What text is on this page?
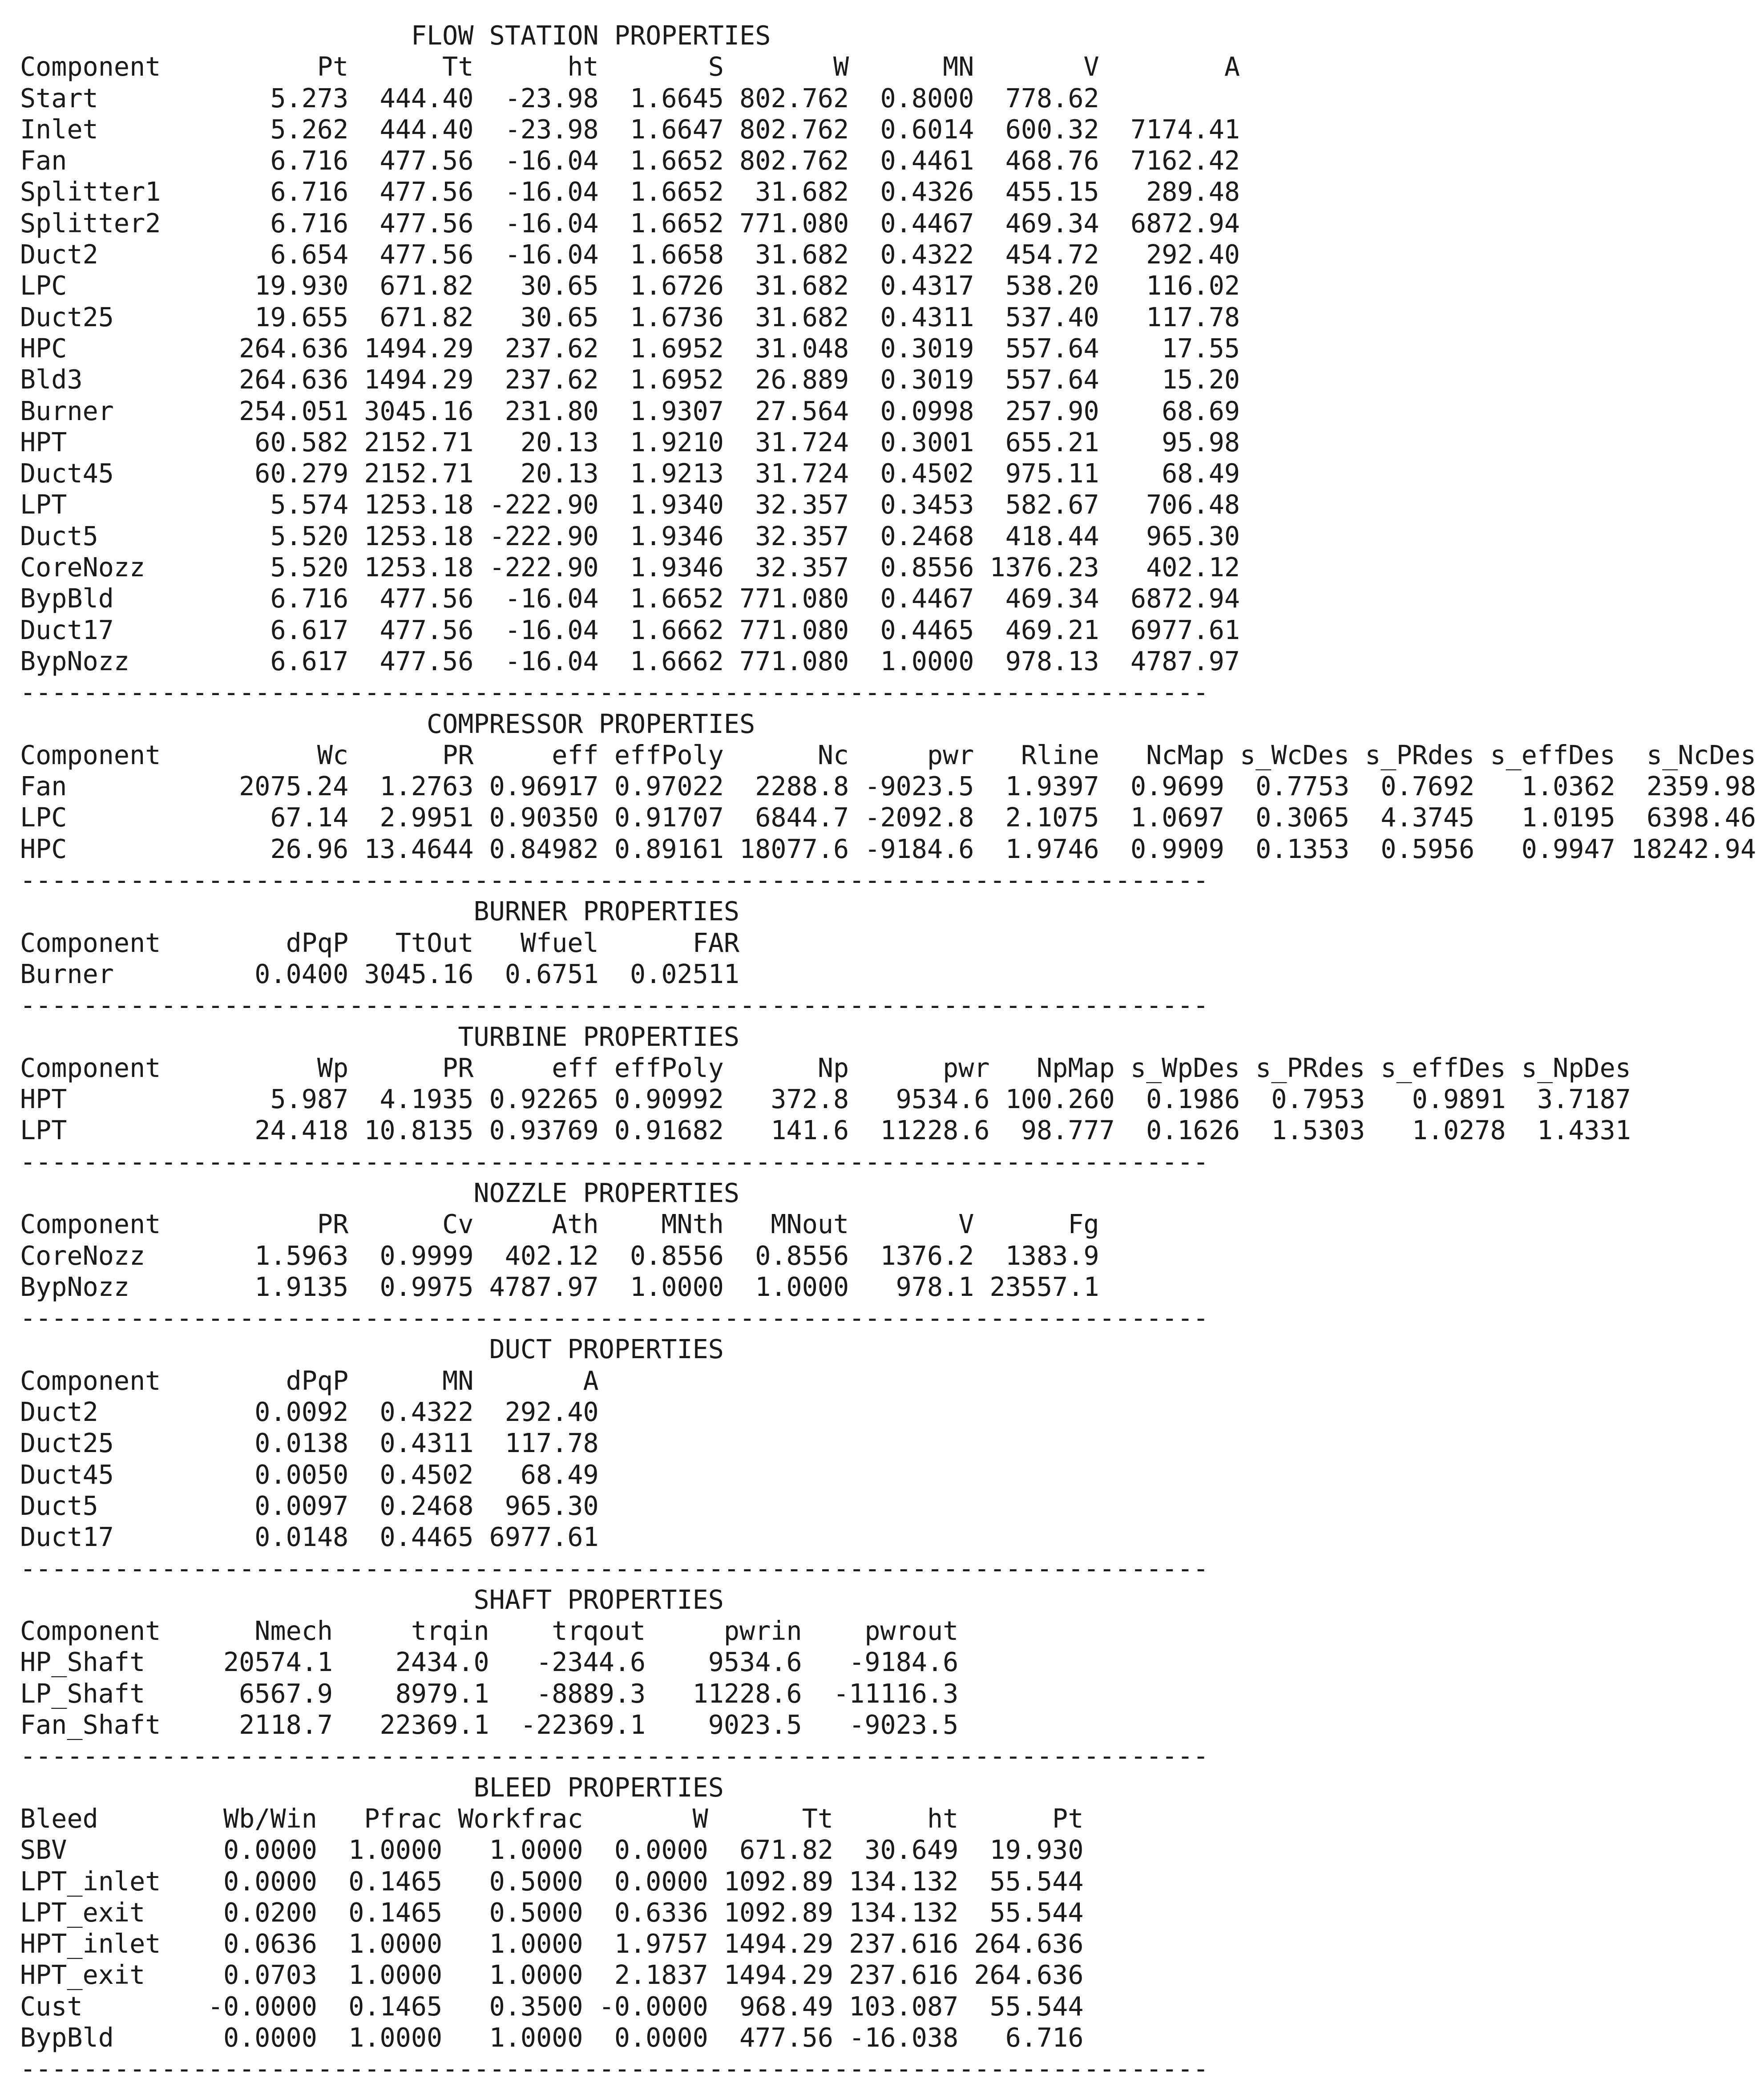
FLOW STATION PROPERTIES
Component          Pt      Tt      ht       S       W      MN       V        A
Start           5.273  444.40  -23.98  1.6645 802.762  0.8000  778.62
Inlet           5.262  444.40  -23.98  1.6647 802.762  0.6014  600.32  7174.41
Fan             6.716  477.56  -16.04  1.6652 802.762  0.4461  468.76  7162.42
Splitter1       6.716  477.56  -16.04  1.6652  31.682  0.4326  455.15   289.48
Splitter2       6.716  477.56  -16.04  1.6652 771.080  0.4467  469.34  6872.94
Duct2           6.654  477.56  -16.04  1.6658  31.682  0.4322  454.72   292.40
LPC            19.930  671.82   30.65  1.6726  31.682  0.4317  538.20   116.02
Duct25         19.655  671.82   30.65  1.6736  31.682  0.4311  537.40   117.78
HPC           264.636 1494.29  237.62  1.6952  31.048  0.3019  557.64    17.55
Bld3          264.636 1494.29  237.62  1.6952  26.889  0.3019  557.64    15.20
Burner        254.051 3045.16  231.80  1.9307  27.564  0.0998  257.90    68.69
HPT            60.582 2152.71   20.13  1.9210  31.724  0.3001  655.21    95.98
Duct45         60.279 2152.71   20.13  1.9213  31.724  0.4502  975.11    68.49
LPT             5.574 1253.18 -222.90  1.9340  32.357  0.3453  582.67   706.48
Duct5           5.520 1253.18 -222.90  1.9346  32.357  0.2468  418.44   965.30
CoreNozz        5.520 1253.18 -222.90  1.9346  32.357  0.8556 1376.23   402.12
BypBld          6.716  477.56  -16.04  1.6652 771.080  0.4467  469.34  6872.94
Duct17          6.617  477.56  -16.04  1.6662 771.080  0.4465  469.21  6977.61
BypNozz         6.617  477.56  -16.04  1.6662 771.080  1.0000  978.13  4787.97
----------------------------------------------------------------------------
COMPRESSOR PROPERTIES
Component          Wc      PR     eff effPoly      Nc     pwr   Rline   NcMap s_WcDes s_PRdes s_effDes  s_NcDes
Fan           2075.24  1.2763 0.96917 0.97022  2288.8 -9023.5  1.9397  0.9699  0.7753  0.7692   1.0362  2359.98
LPC             67.14  2.9951 0.90350 0.91707  6844.7 -2092.8  2.1075  1.0697  0.3065  4.3745   1.0195  6398.46
HPC             26.96 13.4644 0.84982 0.89161 18077.6 -9184.6  1.9746  0.9909  0.1353  0.5956   0.9947 18242.94
----------------------------------------------------------------------------
BURNER PROPERTIES
Component        dPqP   TtOut   Wfuel      FAR
Burner         0.0400 3045.16  0.6751  0.02511
----------------------------------------------------------------------------
TURBINE PROPERTIES
Component          Wp      PR     eff effPoly      Np      pwr   NpMap s_WpDes s_PRdes s_effDes s_NpDes
HPT             5.987  4.1935 0.92265 0.90992   372.8   9534.6 100.260  0.1986  0.7953   0.9891  3.7187
LPT            24.418 10.8135 0.93769 0.91682   141.6  11228.6  98.777  0.1626  1.5303   1.0278  1.4331
----------------------------------------------------------------------------
NOZZLE PROPERTIES
Component          PR      Cv     Ath    MNth   MNout       V      Fg
CoreNozz       1.5963  0.9999  402.12  0.8556  0.8556  1376.2  1383.9
BypNozz        1.9135  0.9975 4787.97  1.0000  1.0000   978.1 23557.1
----------------------------------------------------------------------------
DUCT PROPERTIES
Component        dPqP      MN       A
Duct2          0.0092  0.4322  292.40
Duct25         0.0138  0.4311  117.78
Duct45         0.0050  0.4502   68.49
Duct5          0.0097  0.2468  965.30
Duct17         0.0148  0.4465 6977.61
----------------------------------------------------------------------------
SHAFT PROPERTIES
Component      Nmech     trqin    trqout     pwrin    pwrout
HP_Shaft     20574.1    2434.0   -2344.6    9534.6   -9184.6
LP_Shaft      6567.9    8979.1   -8889.3   11228.6  -11116.3
Fan_Shaft     2118.7   22369.1  -22369.1    9023.5   -9023.5
----------------------------------------------------------------------------
BLEED PROPERTIES
Bleed        Wb/Win   Pfrac Workfrac       W      Tt      ht      Pt
SBV          0.0000  1.0000   1.0000  0.0000  671.82  30.649  19.930
LPT_inlet    0.0000  0.1465   0.5000  0.0000 1092.89 134.132  55.544
LPT_exit     0.0200  0.1465   0.5000  0.6336 1092.89 134.132  55.544
HPT_inlet    0.0636  1.0000   1.0000  1.9757 1494.29 237.616 264.636
HPT_exit     0.0703  1.0000   1.0000  2.1837 1494.29 237.616 264.636
Cust        -0.0000  0.1465   0.3500 -0.0000  968.49 103.087  55.544
BypBld       0.0000  1.0000   1.0000  0.0000  477.56 -16.038   6.716
----------------------------------------------------------------------------
